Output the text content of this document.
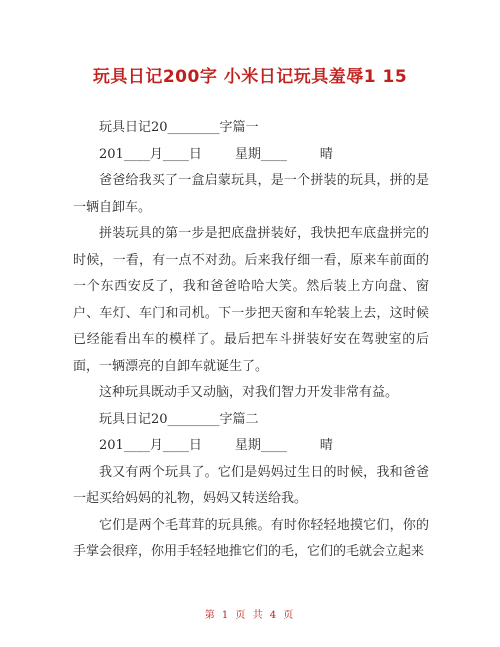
玩具日记200字 小米日记玩具羞辱1 15

玩具日记20________字篇一

201____月____日        星期____        晴

爸爸给我买了一盒启蒙玩具，是一个拼装的玩具，拼的是一辆自卸车。

拼装玩具的第一步是把底盘拼装好，我快把车底盘拼完的时候，一看，有一点不对劲。后来我仔细一看，原来车前面的一个东西安反了，我和爸爸哈哈大笑。然后装上方向盘、窗户、车灯、车门和司机。下一步把天窗和车轮装上去，这时候已经能看出车的模样了。最后把车斗拼装好安在驾驶室的后面，一辆漂亮的自卸车就诞生了。

这种玩具既动手又动脑，对我们智力开发非常有益。

玩具日记20________字篇二

201____月____日        星期____        晴

我又有两个玩具了。它们是妈妈过生日的时候，我和爸爸一起买给妈妈的礼物，妈妈又转送给我。

它们是两个毛茸茸的玩具熊。有时你轻轻地摸它们，你的手掌会很痒，你用手轻轻地推它们的毛，它们的毛就会立起来

第 1 页 共 4 页
